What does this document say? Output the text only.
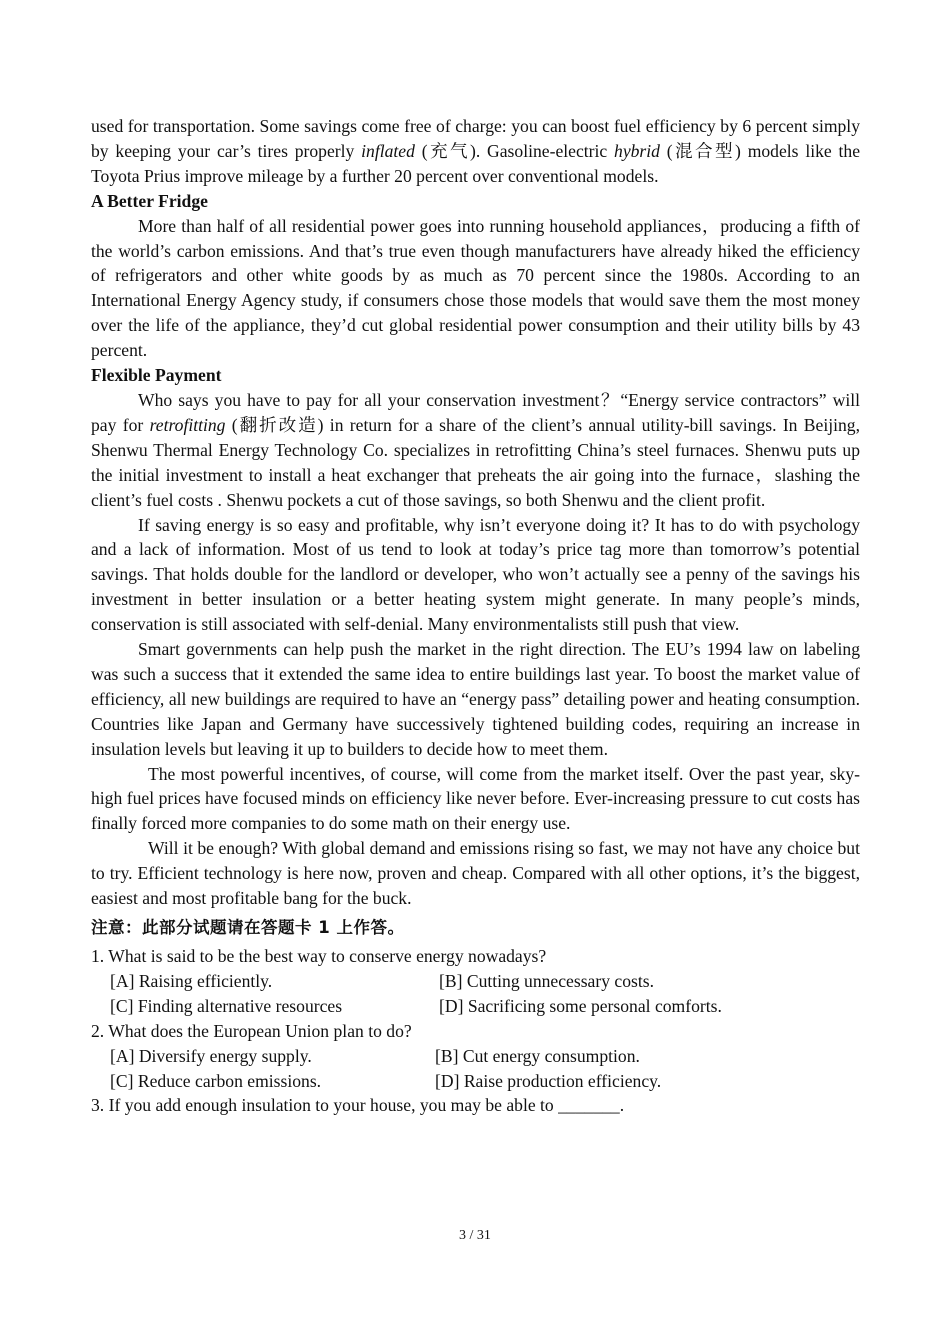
used for transportation. Some savings come free of charge: you can boost fuel efficiency by 6 percent simply by keeping your car’s tires properly inflated (充气). Gasoline-electric hybrid (混合型) models like the Toyota Prius improve mileage by a further 20 percent over conventional models.

A Better Fridge

More than half of all residential power goes into running household appliances，producing a fifth of the world’s carbon emissions. And that’s true even though manufacturers have already hiked the efficiency of refrigerators and other white goods by as much as 70 percent since the 1980s. According to an International Energy Agency study, if consumers chose those models that would save them the most money over the life of the appliance, they’d cut global residential power consumption and their utility bills by 43 percent.

Flexible Payment

Who says you have to pay for all your conservation investment？“Energy service contractors” will pay for retrofitting (翻折改造) in return for a share of the client’s annual utility-bill savings. In Beijing, Shenwu Thermal Energy Technology Co. specializes in retrofitting China’s steel furnaces. Shenwu puts up the initial investment to install a heat exchanger that preheats the air going into the furnace，slashing the client’s fuel costs . Shenwu pockets a cut of those savings, so both Shenwu and the client profit.

If saving energy is so easy and profitable, why isn’t everyone doing it? It has to do with psychology and a lack of information. Most of us tend to look at today’s price tag more than tomorrow’s potential savings. That holds double for the landlord or developer, who won’t actually see a penny of the savings his investment in better insulation or a better heating system might generate. In many people’s minds, conservation is still associated with self-denial. Many environmentalists still push that view.

Smart governments can help push the market in the right direction. The EU’s 1994 law on labeling was such a success that it extended the same idea to entire buildings last year. To boost the market value of efficiency, all new buildings are required to have an “energy pass” detailing power and heating consumption. Countries like Japan and Germany have successively tightened building codes, requiring an increase in insulation levels but leaving it up to builders to decide how to meet them.

The most powerful incentives, of course, will come from the market itself. Over the past year, sky-high fuel prices have focused minds on efficiency like never before. Ever-increasing pressure to cut costs has finally forced more companies to do some math on their energy use.

Will it be enough? With global demand and emissions rising so fast, we may not have any choice but to try. Efficient technology is here now, proven and cheap. Compared with all other options, it’s the biggest, easiest and most profitable bang for the buck.

注意：此部分试题请在答题卡 1 上作答。

1. What is said to be the best way to conserve energy nowadays?

[A] Raising efficiently.	[B] Cutting unnecessary costs.
[C] Finding alternative resources	[D] Sacrificing some personal comforts.

2. What does the European Union plan to do?

[A] Diversify energy supply.	[B] Cut energy consumption.
[C] Reduce carbon emissions.	[D] Raise production efficiency.

3. If you add enough insulation to your house, you may be able to _______.

3 / 31
